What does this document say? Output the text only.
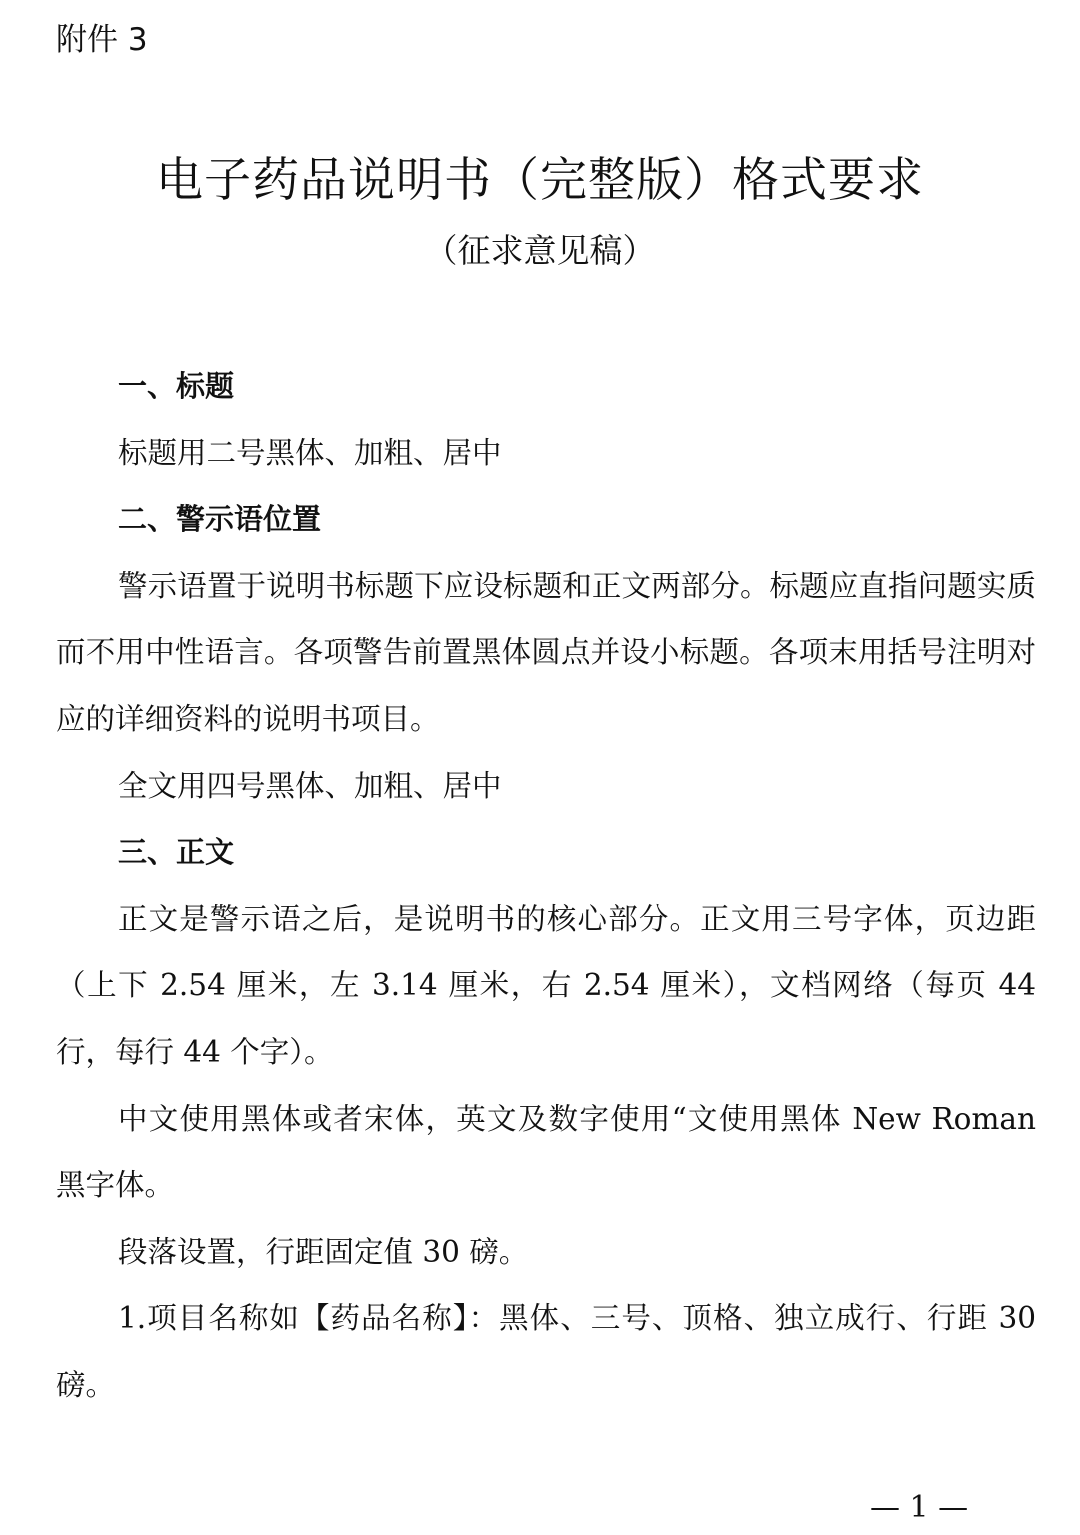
附件 3
电子药品说明书（完整版）格式要求
（征求意见稿）
一、标题

标题用二号黑体、加粗、居中

二、警示语位置

警示语置于说明书标题下应设标题和正文两部分。标题应直指问题实质而不用中性语言。各项警告前置黑体圆点并设小标题。各项末用括号注明对应的详细资料的说明书项目。

全文用四号黑体、加粗、居中

三、正文

正文是警示语之后，是说明书的核心部分。正文用三号字体，页边距（上下 2.54 厘米，左 3.14 厘米，右 2.54 厘米），文档网络（每页 44 行，每行 44 个字）。

中文使用黑体或者宋体，英文及数字使用“文使用黑体 New Roman 黑字体。

段落设置，行距固定值 30 磅。

1.项目名称如【药品名称】：黑体、三号、顶格、独立成行、行距 30 磅。

— 1 —
